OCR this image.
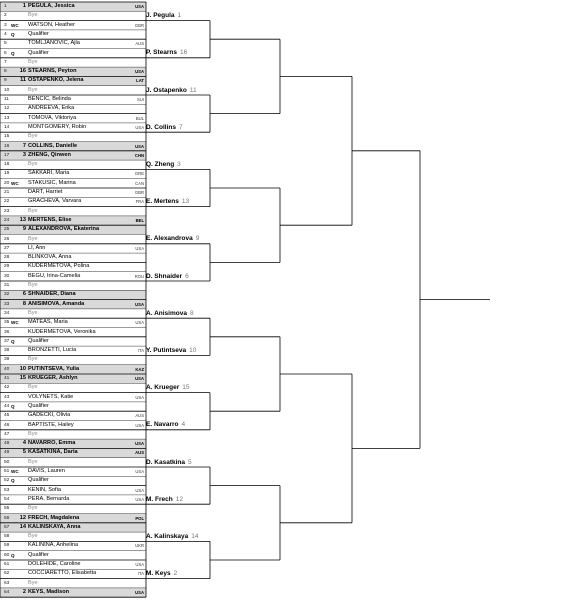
1	1 PEGULA, Jessica	USA
2	Bye
3 WC	WATSON, Heather	GBR
4 Q	Qualifier
5	TOMLJANOVIC, Ajla	AUS
6 Q	Qualifier
7	Bye
8	16 STEARNS, Peyton	USA
9	11 OSTAPENKO, Jelena	LAT
10	Bye
11	BENCIC, Belinda	SUI
12	ANDREEVA, Erika
13	TOMOVA, Viktoriya	BUL
14	MONTGOMERY, Robin	USA
15	Bye
16	7 COLLINS, Danielle	USA
17	3 ZHENG, Qinwen	CHN
18	Bye
19	SAKKARI, Maria	GRE
20 WC	STAKUSIC, Marina	CAN
21	DART, Harriet	GBR
22	GRACHEVA, Varvara	FRA
23	Bye
24	13 MERTENS, Elise	BEL
25	9 ALEXANDROVA, Ekaterina
26	Bye
27	LI, Ann	USA
28	BLINKOVA, Anna
29	KUDERMETOVA, Polina
30	BEGU, Irina-Camelia	ROU
31	Bye
32	6 SHNAIDER, Diana
33	8 ANISIMOVA, Amanda	USA
34	Bye
35 WC	MATEAS, Maria	USA
36	KUDERMETOVA, Veronika
37 Q	Qualifier
38	BRONZETTI, Lucia	ITA
39	Bye
40	10 PUTINTSEVA, Yulia	KAZ
41	15 KRUEGER, Ashlyn	USA
42	Bye
43	VOLYNETS, Katie	USA
44 Q	Qualifier
45	GADECKI, Olivia	AUS
46	BAPTISTE, Hailey	USA
47	Bye
48	4 NAVARRO, Emma	USA
49	5 KASATKINA, Daria	AUS
50	Bye
51 WC	DAVIS, Lauren	USA
52 Q	Qualifier
53	KENIN, Sofia	USA
54	PERA, Bernarda	USA
55	Bye
56	12 FRECH, Magdalena	POL
57	14 KALINSKAYA, Anna
58	Bye
59	KALININA, Anhelina	UKR
60 Q	Qualifier
61	DOLEHIDE, Caroline	USA
62	COCCIARETTO, Elisabetta	ITA
63	Bye
64	2 KEYS, Madison	USA
J. Pegula 1
P. Stearns 16
J. Ostapenko 11
D. Collins 7
Q. Zheng 3
E. Mertens 13
E. Alexandrova 9
D. Shnaider 6
A. Anisimova 8
Y. Putintseva 10
A. Krueger 15
E. Navarro 4
D. Kasatkina 5
M. Frech 12
A. Kalinskaya 14
M. Keys 2
